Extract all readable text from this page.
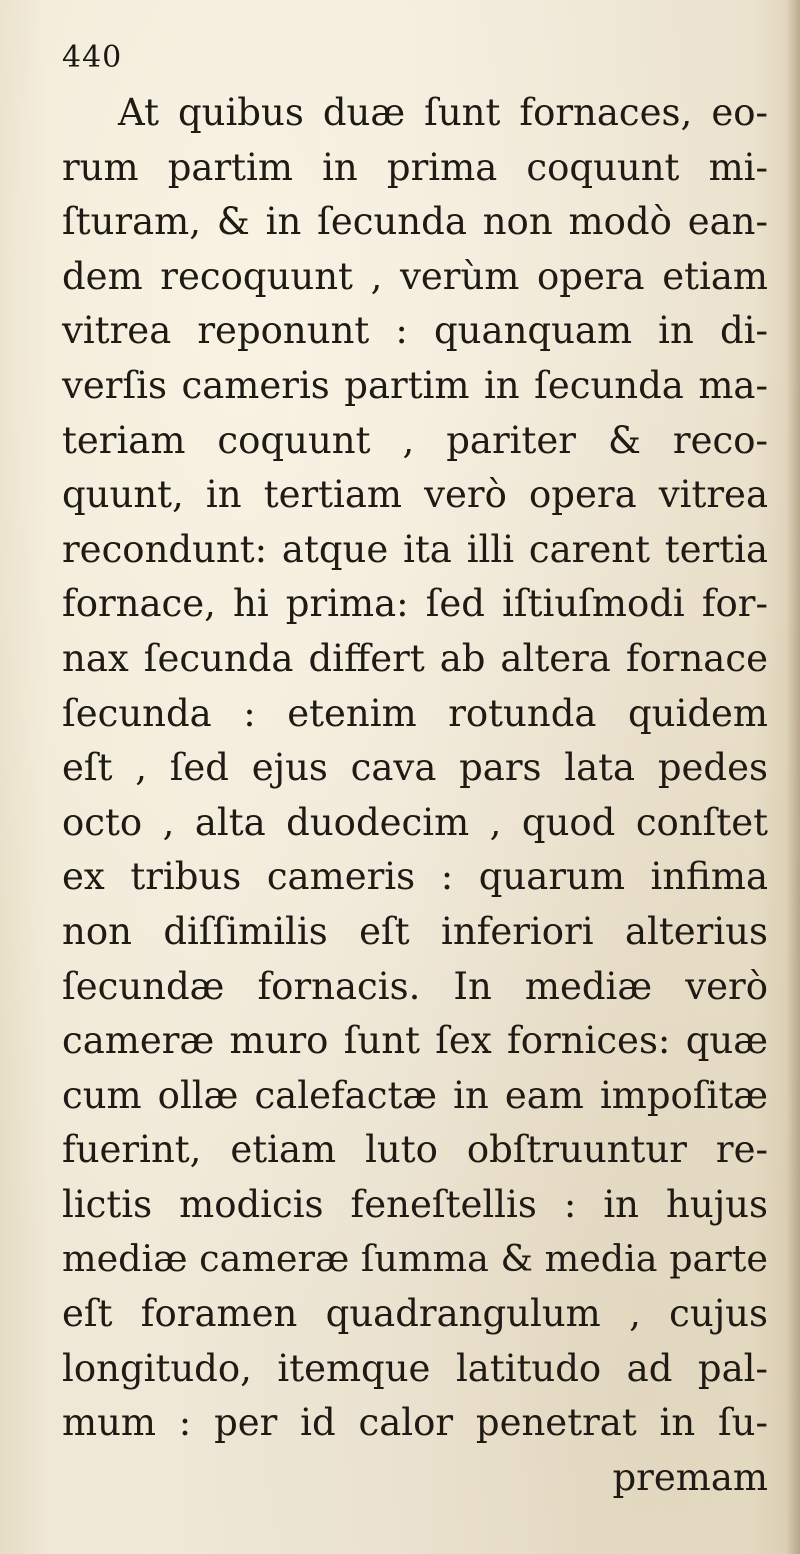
440
At quibus duæ ſunt fornaces, eo-
rum partim in prima coquunt mi-
ſturam, & in ſecunda non modò ean-
dem recoquunt , verùm opera etiam
vitrea reponunt : quanquam in di-
verſis cameris partim in ſecunda ma-
teriam coquunt , pariter & reco-
quunt, in tertiam verò opera vitrea
recondunt: atque ita illi carent tertia
fornace, hi prima: ſed iſtiuſmodi for-
nax ſecunda differt ab altera fornace
ſecunda : etenim rotunda quidem
eſt , ſed ejus cava pars lata pedes
octo , alta duodecim , quod conſtet
ex tribus cameris : quarum infima
non diſſimilis eſt inferiori alterius
ſecundæ fornacis. In mediæ verò
cameræ muro ſunt ſex fornices: quæ
cum ollæ calefactæ in eam impoſitæ
fuerint, etiam luto obſtruuntur re-
lictis modicis feneſtellis : in hujus
mediæ cameræ ſumma & media parte
eſt foramen quadrangulum , cujus
longitudo, itemque latitudo ad pal-
mum : per id calor penetrat in ſu-
premam
